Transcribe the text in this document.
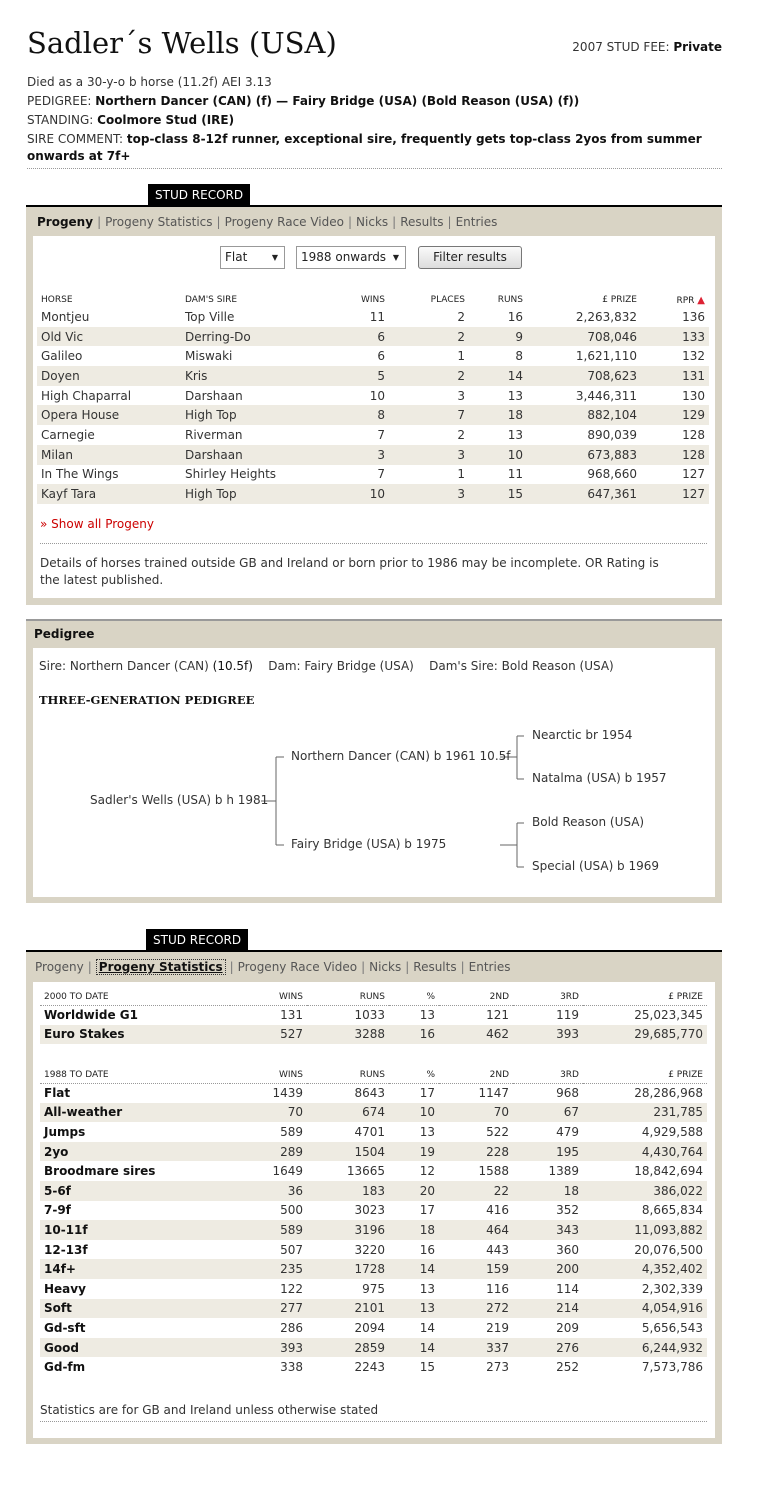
Sadler´s Wells (USA)	2007 STUD FEE: Private

Died as a 30-y-o b horse (11.2f) AEI 3.13

PEDIGREE: Northern Dancer (CAN) (f) — Fairy Bridge (USA) (Bold Reason (USA) (f))

STANDING: Coolmore Stud (IRE)

SIRE COMMENT: top-class 8-12f runner, exceptional sire, frequently gets top-class 2yos from summer onwards at 7f+

STUD RECORD
Progeny | Progeny Statistics | Progeny Race Video | Nicks | Results | Entries
Flat	▼	1988 onwards ▼	Filter results
HORSE	DAM'S SIRE	WINS	PLACES	RUNS	£ PRIZE	RPR ▲
Montjeu	Top Ville	11	2	16	2,263,832	136
Old Vic	Derring-Do	6	2	9	708,046	133
Galileo	Miswaki	6	1	8	1,621,110	132
Doyen	Kris	5	2	14	708,623	131
High Chaparral	Darshaan	10	3	13	3,446,311	130
Opera House	High Top	8	7	18	882,104	129
Carnegie	Riverman	7	2	13	890,039	128
Milan	Darshaan	3	3	10	673,883	128
In The Wings	Shirley Heights	7	1	11	968,660	127
Kayf Tara	High Top	10	3	15	647,361	127
» Show all Progeny
Details of horses trained outside GB and Ireland or born prior to 1986 may be incomplete. OR Rating is the latest published.
Pedigree
Sire: Northern Dancer (CAN) (10.5f) Dam: Fairy Bridge (USA) Dam's Sire: Bold Reason (USA)
THREE-GENERATION PEDIGREE
Sadler's Wells (USA) b h 1981
Northern Dancer (CAN) b 1961 10.5f
Fairy Bridge (USA) b 1975
Nearctic br 1954
Natalma (USA) b 1957
Bold Reason (USA)
Special (USA) b 1969
STUD RECORD
Progeny | Progeny Statistics | Progeny Race Video | Nicks | Results | Entries
2000 TO DATE	WINS	RUNS	%	2ND	3RD	£ PRIZE
Worldwide G1	131	1033	13	121	119	25,023,345
Euro Stakes	527	3288	16	462	393	29,685,770
1988 TO DATE	WINS	RUNS	%	2ND	3RD	£ PRIZE
Flat	1439	8643	17	1147	968	28,286,968
All-weather	70	674	10	70	67	231,785
Jumps	589	4701	13	522	479	4,929,588
2yo	289	1504	19	228	195	4,430,764
Broodmare sires	1649	13665	12	1588	1389	18,842,694
5-6f	36	183	20	22	18	386,022
7-9f	500	3023	17	416	352	8,665,834
10-11f	589	3196	18	464	343	11,093,882
12-13f	507	3220	16	443	360	20,076,500
14f+	235	1728	14	159	200	4,352,402
Heavy	122	975	13	116	114	2,302,339
Soft	277	2101	13	272	214	4,054,916
Gd-sft	286	2094	14	219	209	5,656,543
Good	393	2859	14	337	276	6,244,932
Gd-fm	338	2243	15	273	252	7,573,786
Statistics are for GB and Ireland unless otherwise stated
